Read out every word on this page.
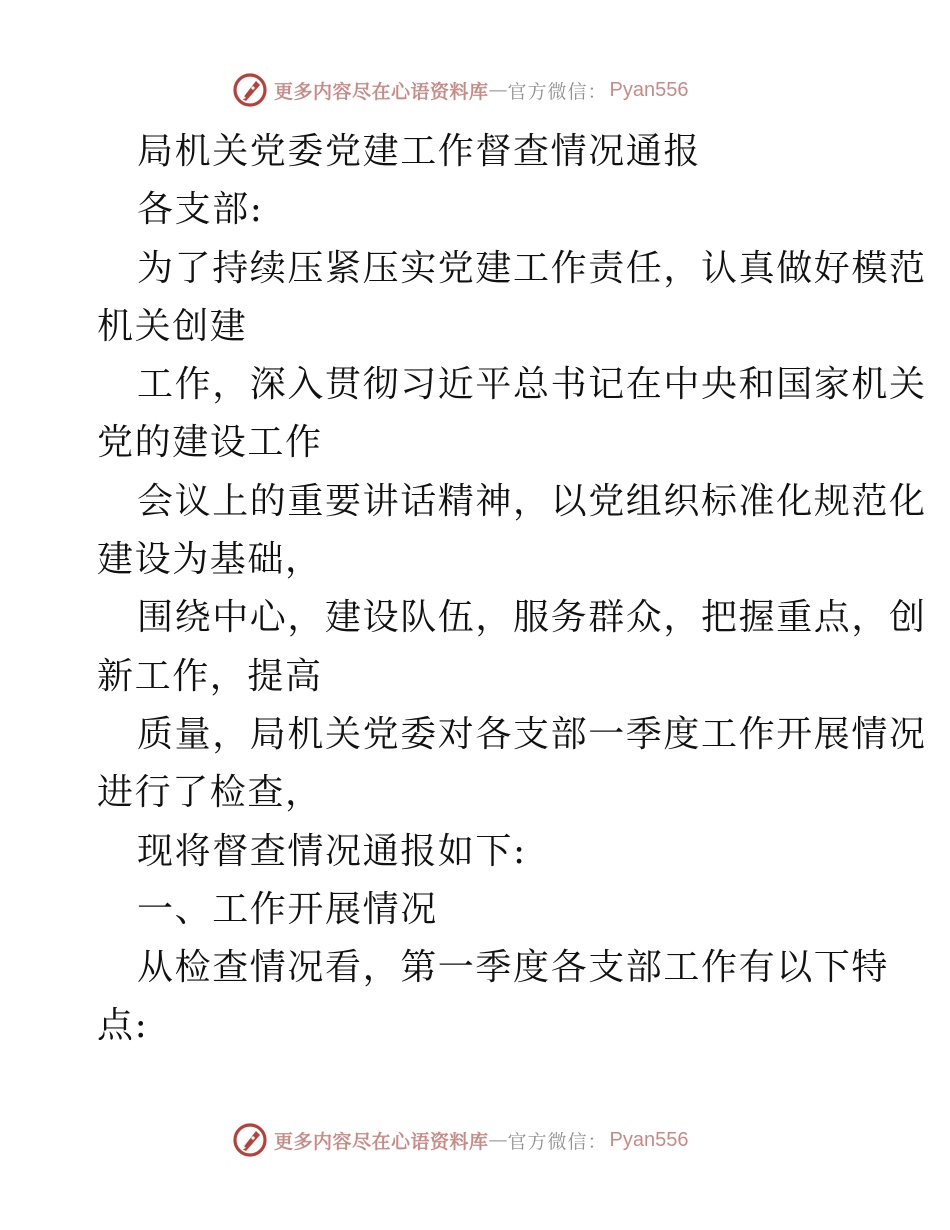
更多内容尽在心语资料库 — 官方微信： Pyan556
局机关党委党建工作督查情况通报
各支部:
为了持续压紧压实党建工作责任，认真做好模范
机关创建
工作，深入贯彻习近平总书记在中央和国家机关
党的建设工作
会议上的重要讲话精神，以党组织标准化规范化
建设为基础，
围绕中心，建设队伍，服务群众，把握重点，创
新工作，提高
质量，局机关党委对各支部一季度工作开展情况
进行了检查，
现将督查情况通报如下:
一、工作开展情况
从检查情况看，第一季度各支部工作有以下特
点:
更多内容尽在心语资料库 — 官方微信： Pyan556
